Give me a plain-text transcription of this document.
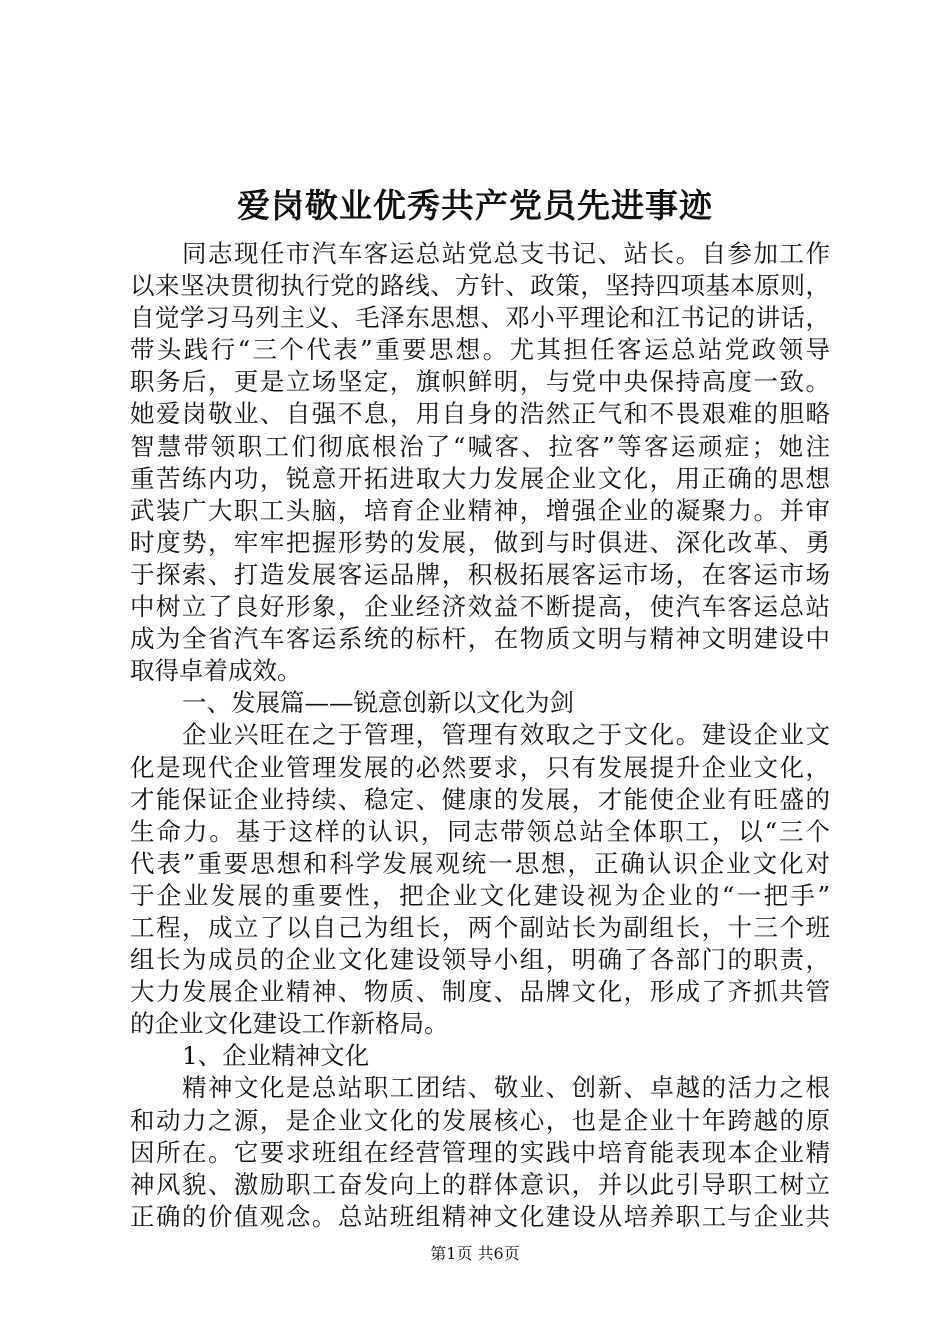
爱岗敬业优秀共产党员先进事迹
同志现任市汽车客运总站党总支书记、站长。自参加工作
以来坚决贯彻执行党的路线、方针、政策，坚持四项基本原则，
自觉学习马列主义、毛泽东思想、邓小平理论和江书记的讲话，
带头践行“三个代表”重要思想。尤其担任客运总站党政领导
职务后，更是立场坚定，旗帜鲜明，与党中央保持高度一致。
她爱岗敬业、自强不息，用自身的浩然正气和不畏艰难的胆略
智慧带领职工们彻底根治了“喊客、拉客”等客运顽症；她注
重苦练内功，锐意开拓进取大力发展企业文化，用正确的思想
武装广大职工头脑，培育企业精神，增强企业的凝聚力。并审
时度势，牢牢把握形势的发展，做到与时俱进、深化改革、勇
于探索、打造发展客运品牌，积极拓展客运市场，在客运市场
中树立了良好形象，企业经济效益不断提高，使汽车客运总站
成为全省汽车客运系统的标杆，在物质文明与精神文明建设中
取得卓着成效。
一、发展篇——锐意创新以文化为剑
企业兴旺在之于管理，管理有效取之于文化。建设企业文
化是现代企业管理发展的必然要求，只有发展提升企业文化，
才能保证企业持续、稳定、健康的发展，才能使企业有旺盛的
生命力。基于这样的认识，同志带领总站全体职工，以“三个
代表”重要思想和科学发展观统一思想，正确认识企业文化对
于企业发展的重要性，把企业文化建设视为企业的“一把手”
工程，成立了以自己为组长，两个副站长为副组长，十三个班
组长为成员的企业文化建设领导小组，明确了各部门的职责，
大力发展企业精神、物质、制度、品牌文化，形成了齐抓共管
的企业文化建设工作新格局。
1、企业精神文化
精神文化是总站职工团结、敬业、创新、卓越的活力之根
和动力之源，是企业文化的发展核心，也是企业十年跨越的原
因所在。它要求班组在经营管理的实践中培育能表现本企业精
神风貌、激励职工奋发向上的群体意识，并以此引导职工树立
正确的价值观念。总站班组精神文化建设从培养职工与企业共
第1页 共6页
